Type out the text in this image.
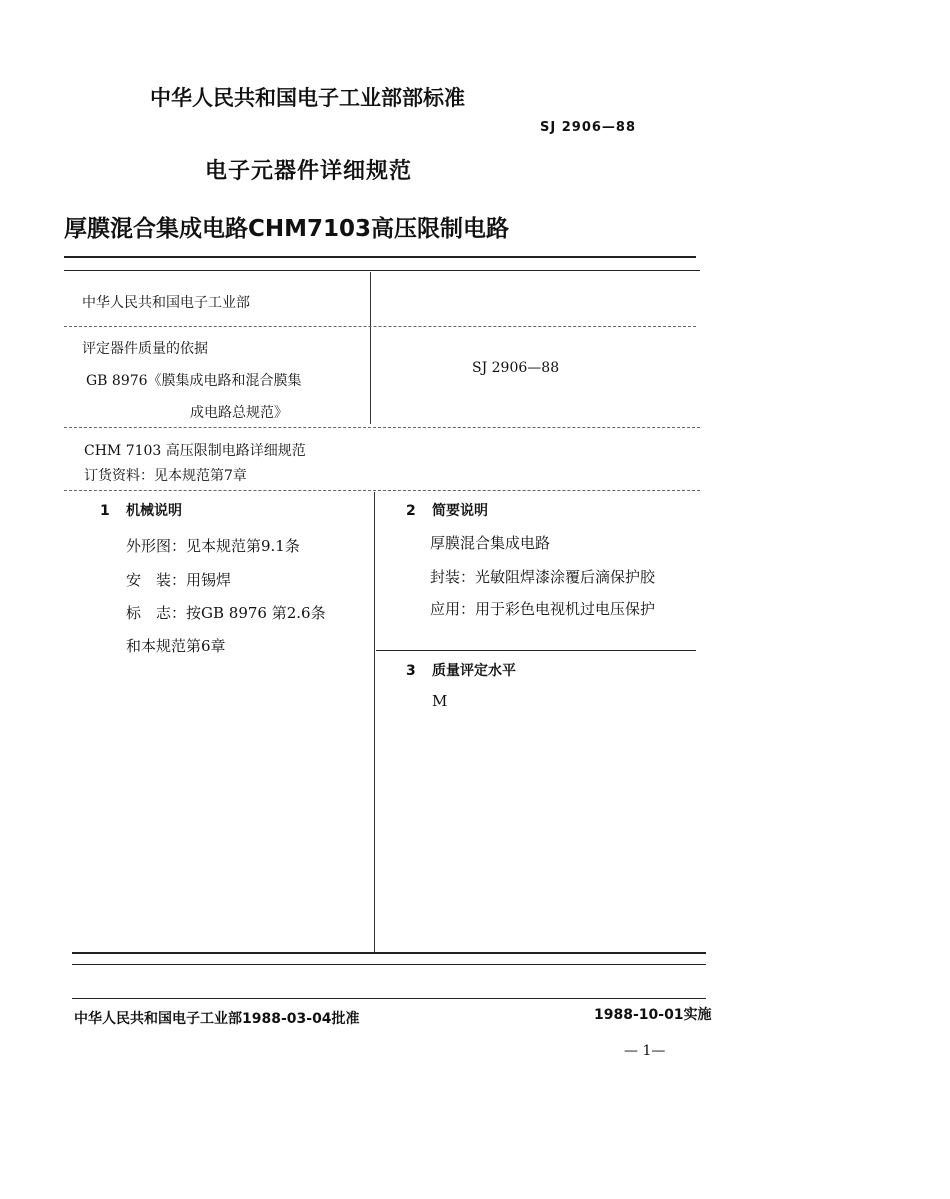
中华人民共和国电子工业部部标准
SJ 2906—88
电子元器件详细规范
厚膜混合集成电路CHM7103高压限制电路
中华人民共和国电子工业部
评定器件质量的依据
GB 8976《膜集成电路和混合膜集
成电路总规范》
SJ 2906—88
CHM 7103 高压限制电路详细规范
订货资料：见本规范第7章
1 机械说明
外形图：见本规范第9.1条
安　装：用锡焊
标　志：按GB 8976 第2.6条
和本规范第6章
2 简要说明
厚膜混合集成电路
封装：光敏阻焊漆涂覆后滴保护胶
应用：用于彩色电视机过电压保护
3 质量评定水平
M
中华人民共和国电子工业部1988-03-04批准	1988-10-01实施
— 1—
